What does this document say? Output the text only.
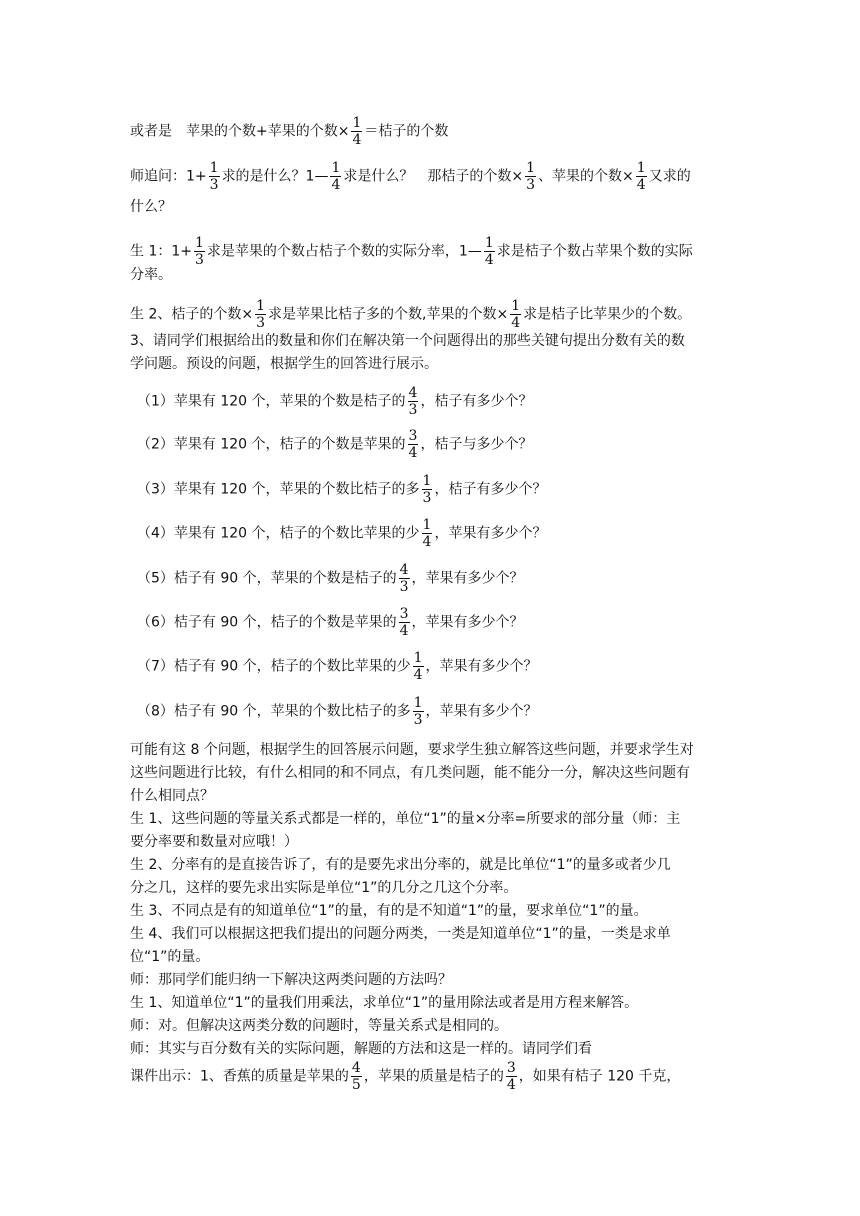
或者是　苹果的个数+苹果的个数× $\frac{1}{4}$ ＝桔子的个数
师追问：$1+ \frac{1}{3}$ 求的是什么？1— $\frac{1}{4}$ 求是什么？　那桔子的个数× $\frac{1}{3}$ 、苹果的个数× $\frac{1}{4}$ 又求的
什么？
生 1：$1+ \frac{1}{3}$ 求是苹果的个数占桔子个数的实际分率，1— $\frac{1}{4}$ 求是桔子个数占苹果个数的实际
分率。
生 2、桔子的个数× $\frac{1}{3}$ 求是苹果比桔子多的个数,苹果的个数× $\frac{1}{4}$ 求是桔子比苹果少的个数。
3、请同学们根据给出的数量和你们在解决第一个问题得出的那些关键句提出分数有关的数
学问题。预设的问题，根据学生的回答进行展示。
（1）苹果有 120 个，苹果的个数是桔子的 $\frac{4}{3}$ ，桔子有多少个？
（2）苹果有 120 个，桔子的个数是苹果的 $\frac{3}{4}$ ，桔子与多少个？
（3）苹果有 120 个，苹果的个数比桔子的多 $\frac{1}{3}$ ，桔子有多少个？
（4）苹果有 120 个，桔子的个数比苹果的少 $\frac{1}{4}$ ，苹果有多少个？
（5）桔子有 90 个，苹果的个数是桔子的 $\frac{4}{3}$ ，苹果有多少个？
（6）桔子有 90 个，桔子的个数是苹果的 $\frac{3}{4}$ ，苹果有多少个？
（7）桔子有 90 个，桔子的个数比苹果的少 $\frac{1}{4}$ ，苹果有多少个？
（8）桔子有 90 个，苹果的个数比桔子的多 $\frac{1}{3}$ ，苹果有多少个？
可能有这 8 个问题，根据学生的回答展示问题，要求学生独立解答这些问题，并要求学生对
这些问题进行比较，有什么相同的和不同点，有几类问题，能不能分一分，解决这些问题有
什么相同点？
生 1、这些问题的等量关系式都是一样的，单位“1”的量×分率=所要求的部分量（师：主
要分率要和数量对应哦！）
生 2、分率有的是直接告诉了，有的是要先求出分率的，就是比单位“1”的量多或者少几
分之几，这样的要先求出实际是单位“1”的几分之几这个分率。
生 3、不同点是有的知道单位“1”的量，有的是不知道“1”的量，要求单位“1”的量。
生 4、我们可以根据这把我们提出的问题分两类，一类是知道单位“1”的量，一类是求单
位“1”的量。
师：那同学们能归纳一下解决这两类问题的方法吗？
生 1、知道单位“1”的量我们用乘法，求单位“1”的量用除法或者是用方程来解答。
师：对。但解决这两类分数的问题时，等量关系式是相同的。
师：其实与百分数有关的实际问题，解题的方法和这是一样的。请同学们看
课件出示：1、香蕉的质量是苹果的 $\frac{4}{5}$ ，苹果的质量是桔子的 $\frac{3}{4}$ ，如果有桔子 120 千克，
